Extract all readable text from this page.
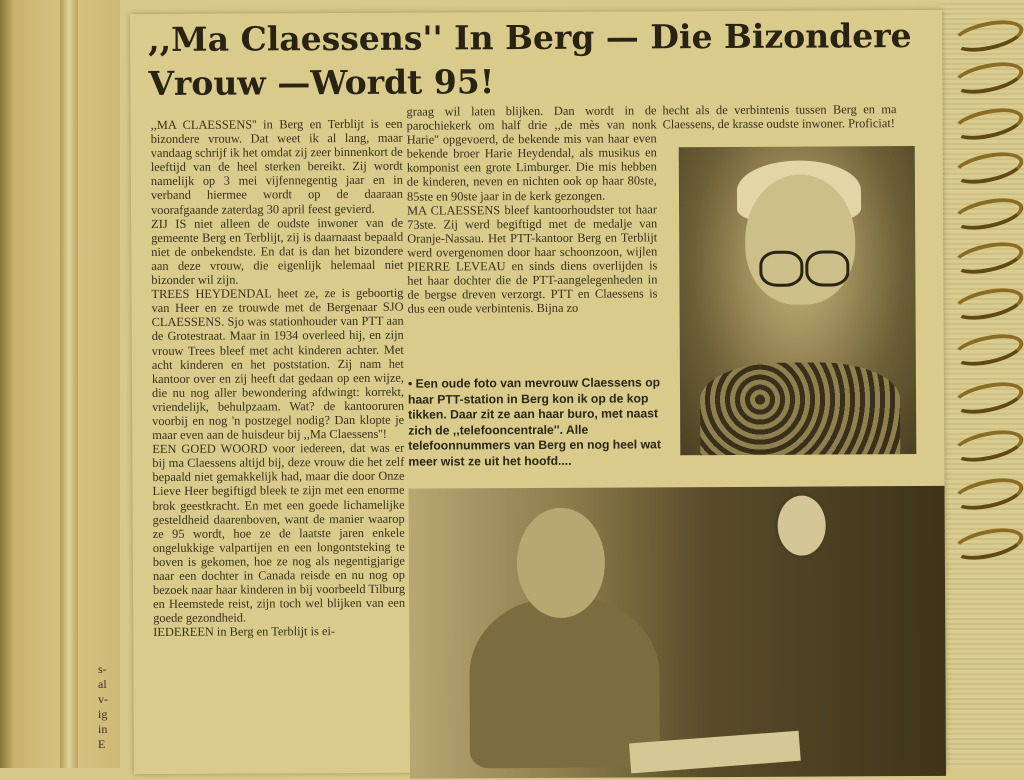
s-
al
v-
ig
in
E
,,Ma Claessens'' In Berg — Die Bizondere Vrouw —Wordt 95!

,,MA CLAESSENS'' in Berg en Terblijt is een bizondere vrouw. Dat weet ik al lang, maar vandaag schrijf ik het omdat zij zeer binnenkort de leeftijd van de heel sterken bereikt. Zij wordt namelijk op 3 mei vijfennegentig jaar en in verband hiermee wordt op de daaraan voorafgaande zaterdag 30 april feest gevierd.

ZIJ IS niet alleen de oudste inwoner van de gemeente Berg en Terblijt, zij is daarnaast bepaald niet de onbekendste. En dat is dan het bizondere aan deze vrouw, die eigenlijk helemaal niet bizonder wil zijn.

TREES HEYDENDAL heet ze, ze is geboortig van Heer en ze trouwde met de Bergenaar SJO CLAESSENS. Sjo was stationhouder van PTT aan de Grotestraat. Maar in 1934 overleed hij, en zijn vrouw Trees bleef met acht kinderen achter. Met acht kinderen en het poststation. Zij nam het kantoor over en zij heeft dat gedaan op een wijze, die nu nog aller bewondering afdwingt: korrekt, vriendelijk, behulpzaam. Wat? de kantooruren voorbij en nog 'n postzegel nodig? Dan klopte je maar even aan de huisdeur bij ,,Ma Claessens''!

EEN GOED WOORD voor iedereen, dat was er bij ma Claessens altijd bij, deze vrouw die het zelf bepaald niet gemakkelijk had, maar die door Onze Lieve Heer begiftigd bleek te zijn met een enorme brok geestkracht. En met een goede lichamelijke gesteldheid daarenboven, want de manier waarop ze 95 wordt, hoe ze de laatste jaren enkele ongelukkige valpartijen en een longontsteking te boven is gekomen, hoe ze nog als negentigjarige naar een dochter in Canada reisde en nu nog op bezoek naar haar kinderen in bij voorbeeld Tilburg en Heemstede reist, zijn toch wel blijken van een goede gezondheid.

IEDEREEN in Berg en Terblijt is ei-

graag wil laten blijken. Dan wordt in de parochiekerk om half drie ,,de mès van nonk Harie'' opgevoerd, de bekende mis van haar even bekende broer Harie Heydendal, als musikus en komponist een grote Limburger. Die mis hebben de kinderen, neven en nichten ook op haar 80ste, 85ste en 90ste jaar in de kerk gezongen.

MA CLAESSENS bleef kantoorhoudster tot haar 73ste. Zij werd begiftigd met de medalje van Oranje-Nassau. Het PTT-kantoor Berg en Terblijt werd overgenomen door haar schoonzoon, wijlen PIERRE LEVEAU en sinds diens overlijden is het haar dochter die de PTT-aangelegenheden in de bergse dreven verzorgt. PTT en Claessens is dus een oude verbintenis. Bijna zo

hecht als de verbintenis tussen Berg en ma Claessens, de krasse oudste inwoner. Proficiat!

• Een oude foto van mevrouw Claessens op haar PTT-station in Berg kon ik op de kop tikken. Daar zit ze aan haar buro, met naast zich de ,,telefooncentrale''. Alle telefoonnummers van Berg en nog heel wat meer wist ze uit het hoofd....
